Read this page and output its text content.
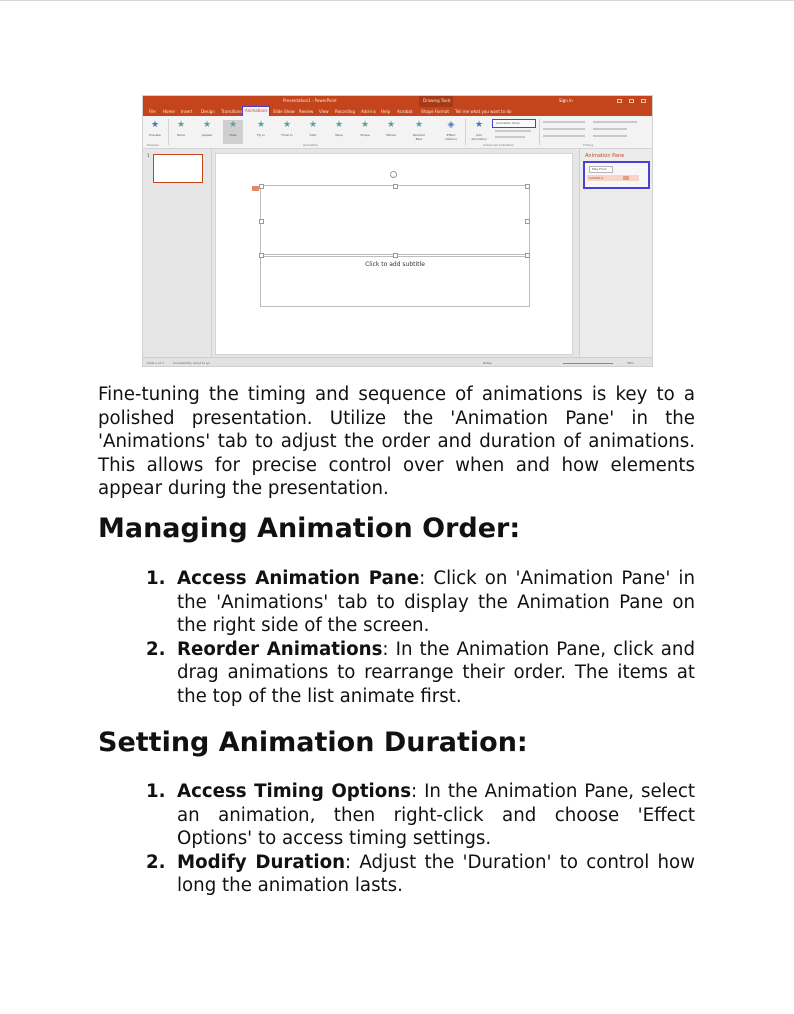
Presentation1 - PowerPoint	Drawing Tools	Sign in
File Home Insert Design Transitions Animations	Slide Show Review View Recording Add-ins Help Acrobat Shape Format Tell me what you want to do
★
Preview
★
None
★
Appear
★
Fade
★
Fly In
★
Float In
★
Split
★
Wipe
★
Shape
★
Wheel
★
Random Bars
◈
Effect Options
★
Add Animation
Animation Pane
Preview	Animation	Advanced Animation	Timing
1
Click to add subtitle
Animation Pane
Play From
Subtitle 2
Slide 1 of 1	Accessibility: Good to go	Notes	46%

Fine-tuning the timing and sequence of animations is key to a polished presentation. Utilize the 'Animation Pane' in the 'Animations' tab to adjust the order and duration of animations. This allows for precise control over when and how elements appear during the presentation.

Managing Animation Order:
1. Access Animation Pane: Click on 'Animation Pane' in the 'Animations' tab to display the Animation Pane on the right side of the screen.
2. Reorder Animations: In the Animation Pane, click and drag animations to rearrange their order. The items at the top of the list animate first.
Setting Animation Duration:
1. Access Timing Options: In the Animation Pane, select an animation, then right-click and choose 'Effect Options' to access timing settings.
2. Modify Duration: Adjust the 'Duration' to control how long the animation lasts.
